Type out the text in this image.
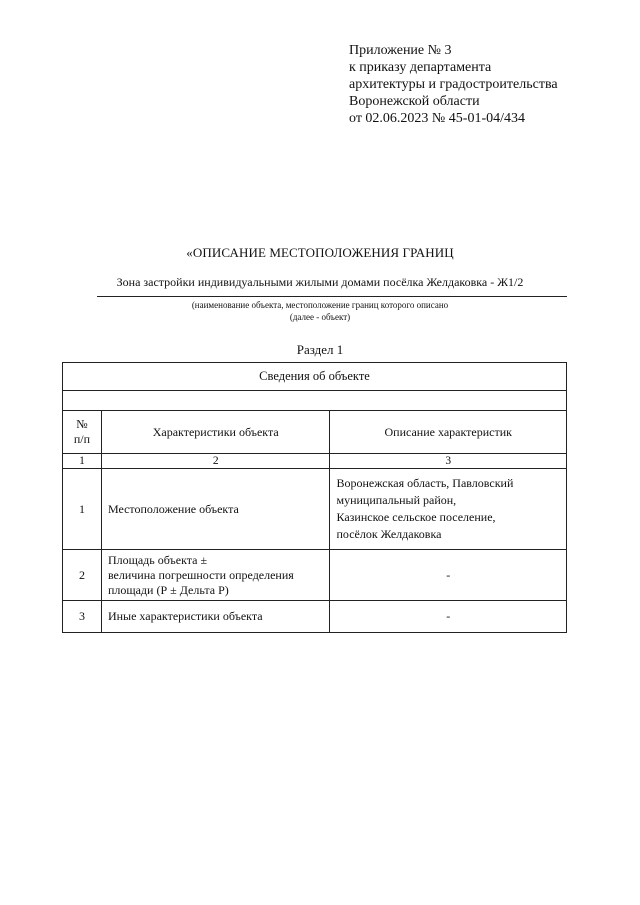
Приложение № 3
к приказу департамента
архитектуры и градостроительства
Воронежской области
от 02.06.2023 № 45-01-04/434
«ОПИСАНИЕ МЕСТОПОЛОЖЕНИЯ ГРАНИЦ
Зона застройки индивидуальными жилыми домами посёлка Желдаковка - Ж1/2
(наименование объекта, местоположение границ которого описано
(далее - объект)
Раздел 1
Сведения об объекте		

№
п/п	Характеристики объекта	Описание характеристик
1	2	3
1	Местоположение объекта	Воронежская область, Павловский
муниципальный район,
Казинское сельское поселение,
посёлок Желдаковка

2	Площадь объекта ±
величина погрешности определения
площади (Р ± Дельта Р)	-
3	Иные характеристики объекта	-
